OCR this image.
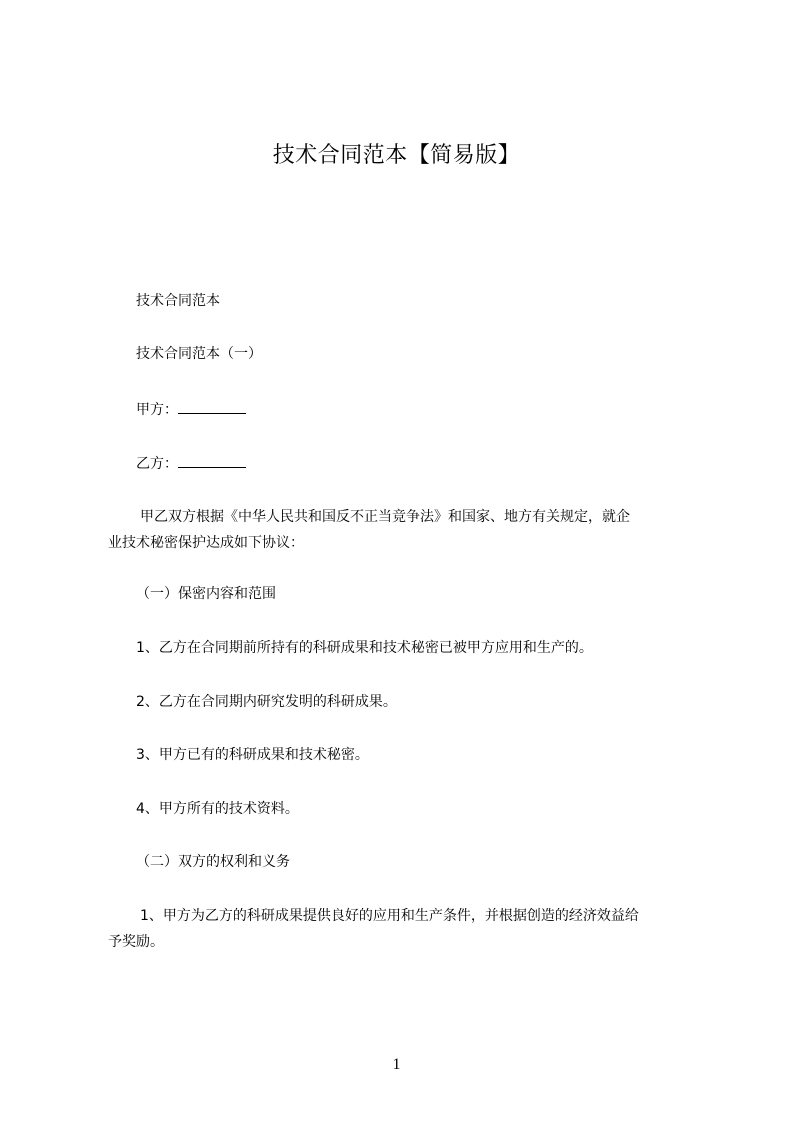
技术合同范本【简易版】
技术合同范本
技术合同范本（一）
甲方：
乙方：
甲乙双方根据《中华人民共和国反不正当竞争法》和国家、地方有关规定，就企
业技术秘密保护达成如下协议：
（一）保密内容和范围
1、乙方在合同期前所持有的科研成果和技术秘密已被甲方应用和生产的。
2、乙方在合同期内研究发明的科研成果。
3、甲方已有的科研成果和技术秘密。
4、甲方所有的技术资料。
（二）双方的权利和义务
1、甲方为乙方的科研成果提供良好的应用和生产条件，并根据创造的经济效益给
予奖励。
1
